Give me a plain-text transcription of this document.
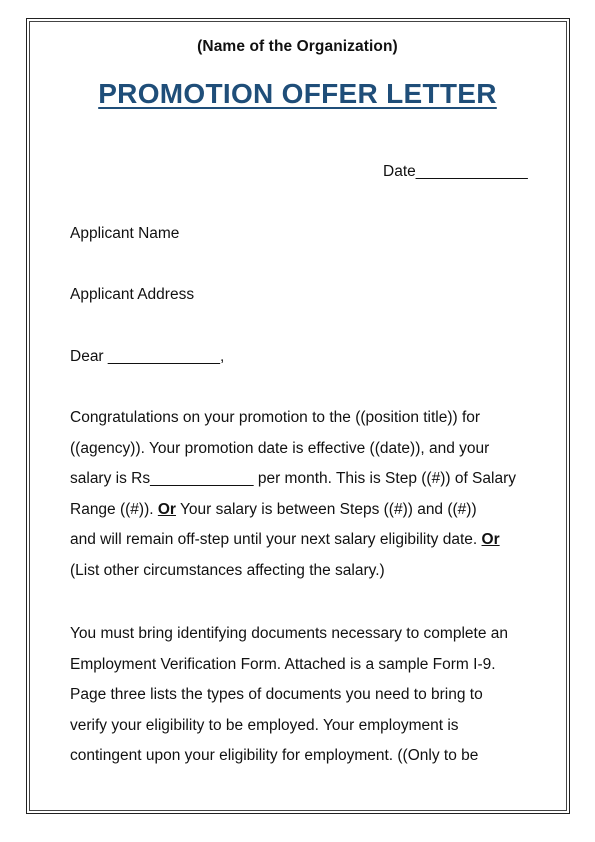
(Name of the Organization)
PROMOTION OFFER LETTER
Date_____________
Applicant Name
Applicant Address
Dear _____________,
Congratulations on your promotion to the ((position title)) for
((agency)). Your promotion date is effective ((date)), and your
salary is Rs____________ per month. This is Step ((#)) of Salary
Range ((#)). Or Your salary is between Steps ((#)) and ((#))
and will remain off-step until your next salary eligibility date. Or
(List other circumstances affecting the salary.)
You must bring identifying documents necessary to complete an
Employment Verification Form. Attached is a sample Form I-9.
Page three lists the types of documents you need to bring to
verify your eligibility to be employed. Your employment is
contingent upon your eligibility for employment. ((Only to be
